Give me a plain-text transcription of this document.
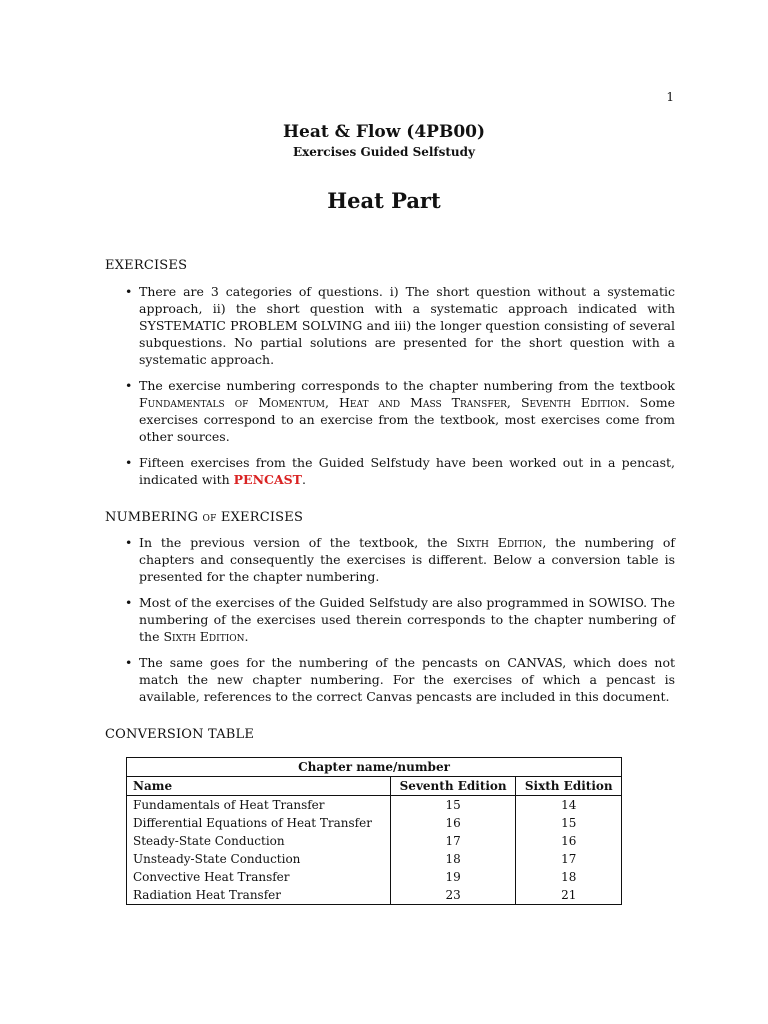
1
Heat & Flow (4PB00)
Exercises Guided Selfstudy
Heat Part
EXERCISES
• There are 3 categories of questions. i) The short question without a systematic approach, ii) the short question with a systematic approach indicated with SYSTEMATIC PROBLEM SOLVING and iii) the longer question consisting of several subquestions. No partial solutions are presented for the short question with a systematic approach.
• The exercise numbering corresponds to the chapter numbering from the textbook Fundamentals of Momentum, Heat and Mass Transfer, Seventh Edition. Some exercises correspond to an exercise from the textbook, most exercises come from other sources.
• Fifteen exercises from the Guided Selfstudy have been worked out in a pencast, indicated with PENCAST.
NUMBERING of EXERCISES
• In the previous version of the textbook, the Sixth Edition, the numbering of chapters and consequently the exercises is different. Below a conversion table is presented for the chapter numbering.
• Most of the exercises of the Guided Selfstudy are also programmed in SOWISO. The numbering of the exercises used therein corresponds to the chapter numbering of the Sixth Edition.
• The same goes for the numbering of the pencasts on CANVAS, which does not match the new chapter numbering. For the exercises of which a pencast is available, references to the correct Canvas pencasts are included in this document.
CONVERSION TABLE
Chapter name/number		
Name	Seventh Edition	Sixth Edition
Fundamentals of Heat Transfer	15	14
Differential Equations of Heat Transfer	16	15
Steady-State Conduction	17	16
Unsteady-State Conduction	18	17
Convective Heat Transfer	19	18
Radiation Heat Transfer	23	21
